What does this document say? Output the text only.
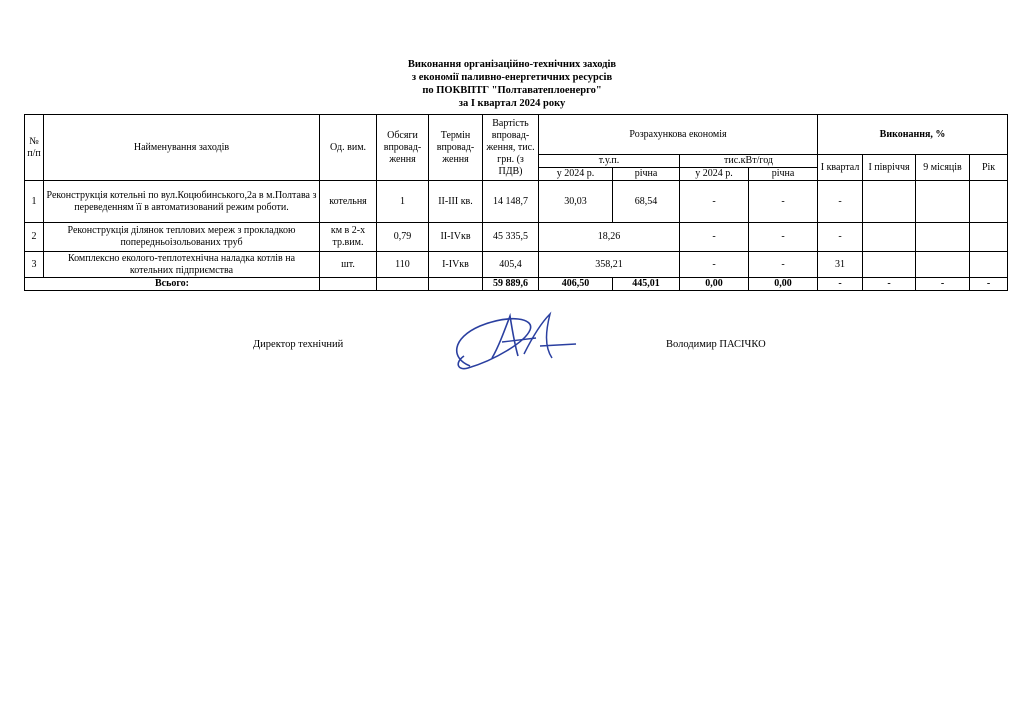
Виконання організаційно-технічних заходів
з економії паливно-енергетичних ресурсів
по ПОКВПТГ "Полтаватеплоенерго"
за І квартал 2024 року
№ п/п	Найменування заходів	Од. вим.	Обсяги впровад-ження	Термін впровад-ження	Вартість впровад-ження, тис. грн. (з ПДВ)	Розрахункова економія				Виконання, %			
						т.у.п.		тис.кВт/год		І квартал	І півріччя	9 місяців	Рік
						у 2024 р.	річна	у 2024 р.	річна				
1	Реконструкція котельні по вул.Коцюбинського,2а в м.Полтава з переведенням її в автоматизований режим роботи.	котельня	1	ІІ-ІІІ кв.	14 148,7	30,03	68,54	-	-	-			
2	Реконструкція ділянок теплових мереж з прокладкою попередньоізольованих труб	км в 2-х тр.вим.	0,79	ІІ-ІVкв	45 335,5	18,26		-	-	-			
3	Комплексно еколого-теплотехнічна наладка котлів на котельних підприємства	шт.	110	І-ІVкв	405,4	358,21		-	-	31			
Всього:					59 889,6	406,50	445,01	0,00	0,00	-	-	-	-
Директор технічний	Володимир ПАСІЧКО
